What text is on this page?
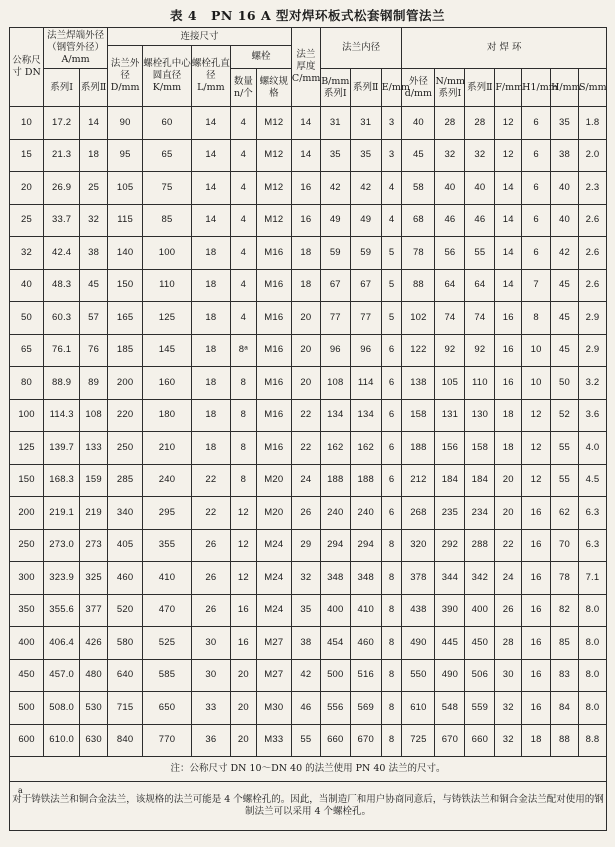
表 4 PN 16 A 型对焊环板式松套钢制管法兰
公称尺寸 DN	法兰焊端外径（钢管外径）A/mm		连接尺寸					法兰厚度 C/mm	法兰内径			对 焊 环						
			法兰外径 D/mm	螺栓孔中心圆直径 K/mm	螺栓孔直径 L/mm	螺栓												
	系列Ⅰ	系列Ⅱ				数量 n/个	螺纹规格		B/mm
系列Ⅰ	系列Ⅱ	E/mm	外径 d/mm	N/mm
系列Ⅰ	系列Ⅱ	F/mm	H1/mm	H/mm	S/mm
10	17.2	14	90	60	14	4	M12	14	31	31	3	40	28	28	12	6	35	1.8
15	21.3	18	95	65	14	4	M12	14	35	35	3	45	32	32	12	6	38	2.0
20	26.9	25	105	75	14	4	M12	16	42	42	4	58	40	40	14	6	40	2.3
25	33.7	32	115	85	14	4	M12	16	49	49	4	68	46	46	14	6	40	2.6
32	42.4	38	140	100	18	4	M16	18	59	59	5	78	56	55	14	6	42	2.6
40	48.3	45	150	110	18	4	M16	18	67	67	5	88	64	64	14	7	45	2.6
50	60.3	57	165	125	18	4	M16	20	77	77	5	102	74	74	16	8	45	2.9
65	76.1	76	185	145	18	8ᵃ	M16	20	96	96	6	122	92	92	16	10	45	2.9
80	88.9	89	200	160	18	8	M16	20	108	114	6	138	105	110	16	10	50	3.2
100	114.3	108	220	180	18	8	M16	22	134	134	6	158	131	130	18	12	52	3.6
125	139.7	133	250	210	18	8	M16	22	162	162	6	188	156	158	18	12	55	4.0
150	168.3	159	285	240	22	8	M20	24	188	188	6	212	184	184	20	12	55	4.5
200	219.1	219	340	295	22	12	M20	26	240	240	6	268	235	234	20	16	62	6.3
250	273.0	273	405	355	26	12	M24	29	294	294	8	320	292	288	22	16	70	6.3
300	323.9	325	460	410	26	12	M24	32	348	348	8	378	344	342	24	16	78	7.1
350	355.6	377	520	470	26	16	M24	35	400	410	8	438	390	400	26	16	82	8.0
400	406.4	426	580	525	30	16	M27	38	454	460	8	490	445	450	28	16	85	8.0
450	457.0	480	640	585	30	20	M27	42	500	516	8	550	490	506	30	16	83	8.0
500	508.0	530	715	650	33	20	M30	46	556	569	8	610	548	559	32	16	84	8.0
600	610.0	630	840	770	36	20	M33	55	660	670	8	725	670	660	32	18	88	8.8
注：公称尺寸 DN 10～DN 40 的法兰使用 PN 40 法兰的尺寸。																		

a
对于铸铁法兰和铜合金法兰，该规格的法兰可能是 4 个螺栓孔的。因此，当制造厂和用户协商同意后，与铸铁法兰和铜合金法兰配对使用的钢制法兰可以采用 4 个螺栓孔。																		
